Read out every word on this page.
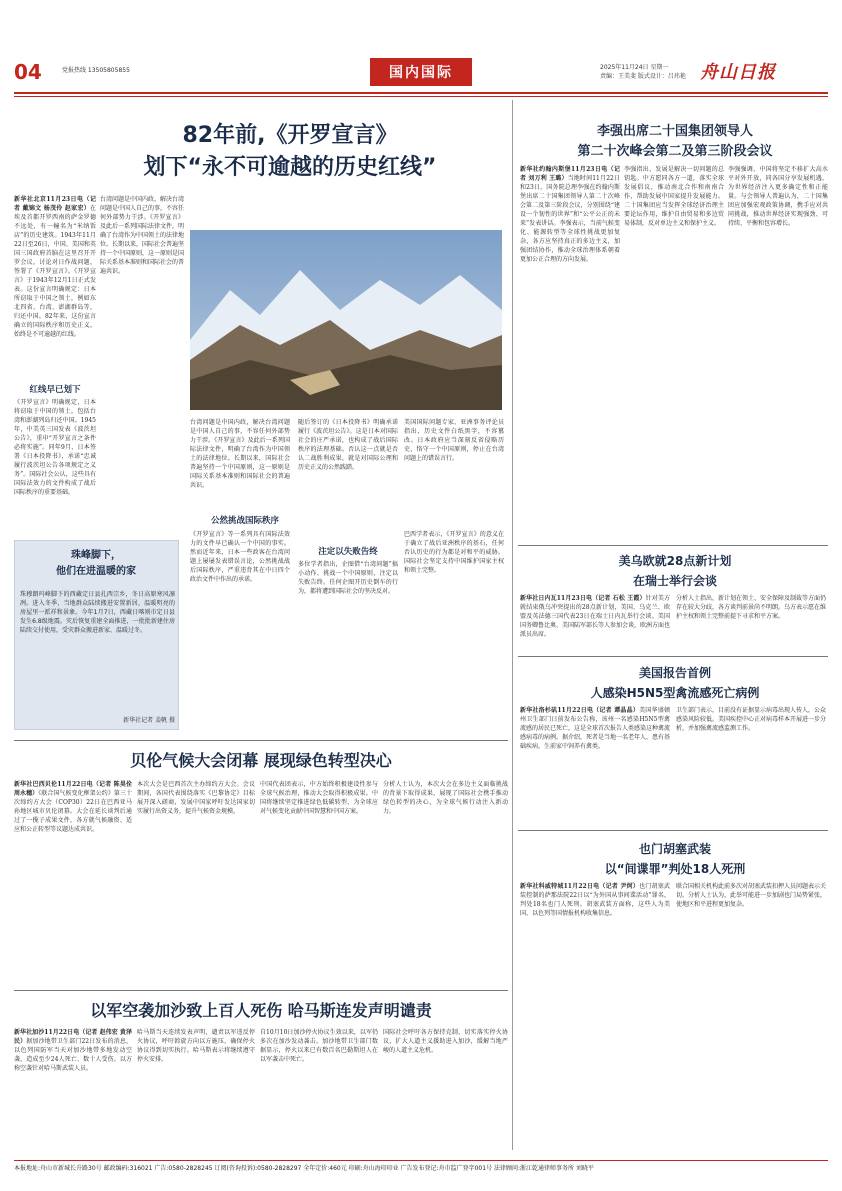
04	党报热线 13505805855	国内国际	2025年11月24日 星期一
责编：王美斐 版式设计：吕玮艳 舟山日报
82年前,《开罗宣言》
划下“永不可逾越的历史红线”
新华社北京11月23日电（记者 戴锦文 杨茂伶 赵家宏）在埃及首都开罗西南的萨金罗德不远处，有一幢名为“米纳饭店”的历史建筑。1943年11月22日至26日，中国、美国和英国三国政府首脑在这里召开开罗会议，讨论对日作战问题，签署了《开罗宣言》。《开罗宣言》于1943年12月1日正式发表。这份宣言明确规定：日本所窃取于中国之领土，例如东北四省、台湾、澎湖群岛等，归还中国。82年来，这份宣言确立的国际秩序和历史正义，始终是不可逾越的红线。
台湾问题是中国内政，解决台湾问题是中国人自己的事，不容任何外部势力干涉。《开罗宣言》及此后一系列国际法律文件，明确了台湾作为中国领土的法律地位。长期以来，国际社会普遍坚持一个中国原则，这一原则是国际关系基本准则和国际社会的普遍共识。
红线早已划下
《开罗宣言》明确规定，日本将窃取于中国的领土，包括台湾和澎湖列岛归还中国。1945年，中美英三国发表《波茨坦公告》，重申“开罗宣言之条件必将实施”。同年9月，日本签署《日本投降书》，承诺“忠诚履行波茨坦公告各项规定之义务”。国际社会公认，这些具有国际法效力的文件构成了战后国际秩序的重要基础。
公然挑战国际秩序
台湾问题是中国内政，解决台湾问题是中国人自己的事，不容任何外部势力干涉。《开罗宣言》及此后一系列国际法律文件，明确了台湾作为中国领土的法律地位。长期以来，国际社会普遍坚持一个中国原则，这一原则是国际关系基本准则和国际社会的普遍共识。
《开罗宣言》等一系列具有国际法效力的文件早已确认一个中国的事实。然而近年来，日本一些政客在台湾问题上屡屡发表错误言论，公然挑战战后国际秩序，严重违背其在中日四个政治文件中作出的承诺。
随后签订的《日本投降书》明确承诺履行《波茨坦公告》。这是日本对国际社会的庄严承诺，也构成了战后国际秩序的法理基础。否认这一点就是否认二战胜利成果，就是对国际公理和历史正义的公然践踏。
注定以失败告终
多位学者指出，企图借“台湾问题”搞小动作、挑战一个中国原则，注定以失败告终。任何企图开历史倒车的行为，都将遭到国际社会的坚决反对。
美国国际问题专家、亚洲事务评论员指出，历史文件白纸黑字，不容篡改。日本政府应当深刻反省侵略历史，恪守一个中国原则，停止在台湾问题上的错误言行。
巴西学者表示，《开罗宣言》的意义在于确立了战后亚洲秩序的基石，任何否认历史的行为都是对和平的威胁。国际社会坚定支持中国维护国家主权和领土完整。
珠峰脚下，
他们在进温暖的家
珠穆朗玛峰脚下的西藏定日县扎西宗乡，冬日高原寒风凛冽。进入冬季，当地群众陆续搬进安置新居，温暖明亮的房屋里一派祥和景象。今年1月7日，西藏日喀则市定日县发生6.8级地震。灾后恢复重建全面推进，一批批新建住房陆续交付使用，受灾群众搬进新家、温暖过冬。
新华社记者 姜帆 摄
李强出席二十国集团领导人
第二十次峰会第二及第三阶段会议
新华社约翰内斯堡11月23日电（记者 刘万利 王璐）当地时间11月22日和23日，国务院总理李强在约翰内斯堡出席二十国集团领导人第二十次峰会第二及第三阶段会议，分别围绕“建设一个韧性的世界”和“公平公正的未来”发表讲话。李强表示，当前气候变化、能源转型等全球性挑战更加复杂，各方应坚持真正的多边主义，加强团结协作，推动全球治理体系朝着更加公正合理的方向发展。
李强指出，发展是解决一切问题的总钥匙。中方愿同各方一道，落实全球发展倡议，推动南北合作和南南合作，帮助发展中国家提升发展能力。二十国集团应当发挥全球经济治理主要论坛作用，维护自由贸易和多边贸易体制，反对单边主义和保护主义。
李强强调，中国将坚定不移扩大高水平对外开放，同各国分享发展机遇，为世界经济注入更多确定性和正能量。与会领导人普遍认为，二十国集团应加强宏观政策协调，携手应对共同挑战，推动世界经济实现强劲、可持续、平衡和包容增长。
美乌欧就28点新计划
在瑞士举行会谈
新华社日内瓦11月23日电（记者 石松 王霞）针对美方就结束俄乌冲突提出的28点新计划，美国、乌克兰、欧盟及英法德三国代表23日在瑞士日内瓦举行会谈。美国国务卿鲁比奥、美国陆军部长等人参加会谈，欧洲方面也派员出席。
分析人士指出，新计划在领土、安全保障及制裁等方面仍存在较大分歧，各方谈判前景尚不明朗。乌方表示愿在维护主权和领土完整前提下寻求和平方案。
美国报告首例
人感染H5N5型禽流感死亡病例
新华社洛杉矶11月22日电（记者 谭晶晶）美国华盛顿州卫生部门日前发布公告称，该州一名感染H5N5型禽流感的居民已死亡，这是全球首次报告人类感染这种禽流感病毒的病例。据介绍，死者是当地一名老年人，患有基础疾病，生前家中饲养有禽类。
卫生部门表示，目前没有证据显示病毒出现人传人，公众感染风险较低。美国疾控中心正对病毒样本开展进一步分析，并加强禽流感监测工作。
也门胡塞武装
以“间谍罪”判处18人死刑
新华社科威特城11月22日电（记者 尹炣）也门胡塞武装控制的萨那法院22日以“为外国从事间谍活动”罪名，判处18名也门人死刑。胡塞武装方面称，这些人为美国、以色列等国情报机构收集信息。
联合国相关机构此前多次对胡塞武装扣押人员问题表示关切。分析人士认为，此举可能进一步加剧也门局势紧张，使地区和平进程更加复杂。
贝伦气候大会闭幕 展现绿色转型决心
新华社巴西贝伦11月22日电（记者 陈昊佺 周永穗）《联合国气候变化框架公约》第三十次缔约方大会（COP30）22日在巴西亚马孙地区城市贝伦闭幕。大会在延长谈判后通过了一揽子成果文件，各方就气候融资、适应和公正转型等议题达成共识。
本次大会是巴西首次主办缔约方大会。会议期间，各国代表围绕落实《巴黎协定》目标展开深入磋商，发展中国家呼吁发达国家切实履行出资义务，提升气候资金规模。
中国代表团表示，中方始终积极建设性参与全球气候治理，推动大会取得积极成果。中国将继续坚定推进绿色低碳转型，为全球应对气候变化贡献中国智慧和中国方案。
分析人士认为，本次大会在多边主义面临挑战的背景下取得成果，展现了国际社会携手推动绿色转型的决心，为全球气候行动注入新动力。
以军空袭加沙致上百人死伤 哈马斯连发声明谴责
新华社加沙11月22日电（记者 赵伟宏 黄泽民）据加沙地带卫生部门22日发布的消息，以色列国防军当天对加沙地带多地发动空袭，造成至少24人死亡、数十人受伤。以方称空袭针对哈马斯武装人员。
哈马斯当天连续发表声明，谴责以军违反停火协议，呼吁斡旋方向以方施压，确保停火协议得到切实执行。哈马斯表示将继续遵守停火安排。
自10月10日加沙停火协议生效以来，以军仍多次在加沙发动袭击。加沙地带卫生部门数据显示，停火以来已有数百名巴勒斯坦人在以军袭击中死亡。
国际社会呼吁各方保持克制，切实落实停火协议，扩大人道主义援助进入加沙，缓解当地严峻的人道主义危机。
本报地址:舟山市新城长升路30号 邮政编码:316021 广告:0580-2828245 订阅(咨询投诉):0580-2828297 全年定价:460元 印刷:舟山海印印业 广告发布登记:舟市监广登字001号 法律顾问:浙江乾通律师事务所 刘晓平
